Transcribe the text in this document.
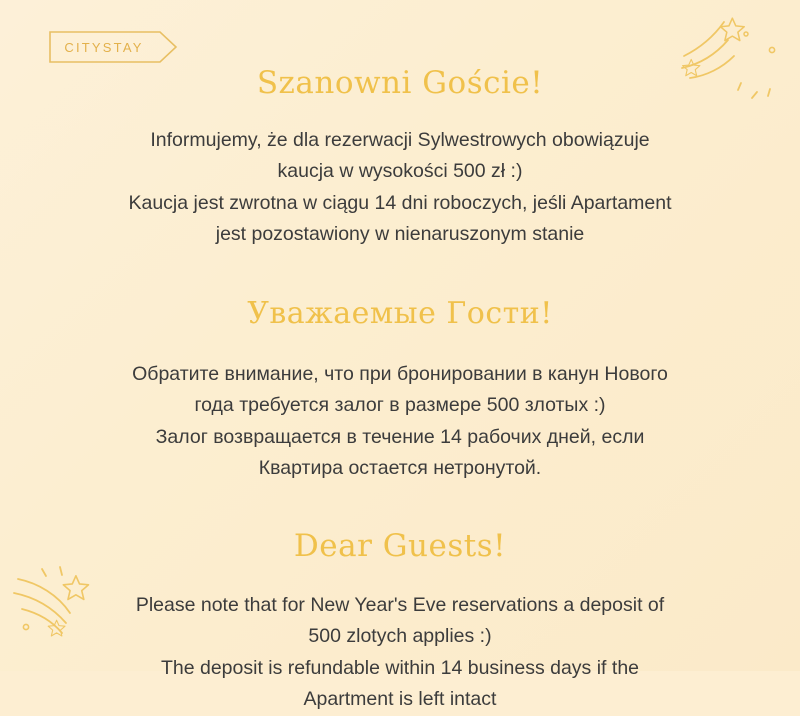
CITYSTAY
Szanowni Goście!

Informujemy, że dla rezerwacji Sylwestrowych obowiązuje
kaucja w wysokości 500 zł :)
Kaucja jest zwrotna w ciągu 14 dni roboczych, jeśli Apartament
jest pozostawiony w nienaruszonym stanie

Уважаемые Гости!

Обратите внимание, что при бронировании в канун Нового
года требуется залог в размере 500 злотых :)
Залог возвращается в течение 14 рабочих дней, если
Квартира остается нетронутой.

Dear Guests!

Please note that for New Year's Eve reservations a deposit of
500 zlotych applies :)
The deposit is refundable within 14 business days if the
Apartment is left intact
